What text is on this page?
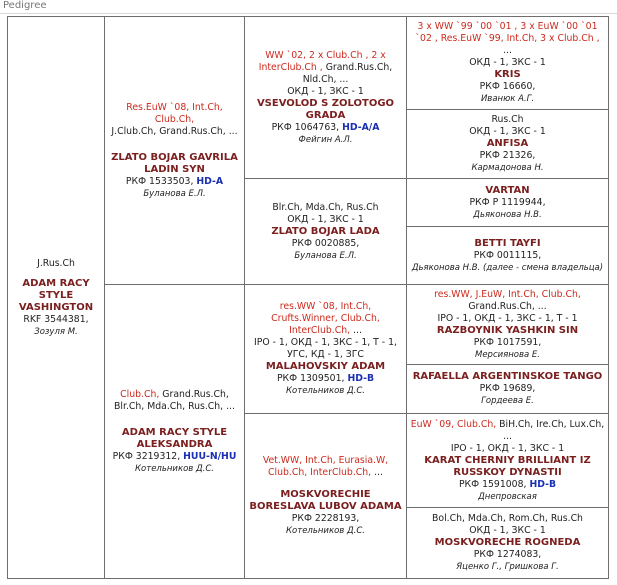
Pedigree
J.Rus.Ch
ADAM RACY STYLE VASHINGTON
RKF 3544381,
Зозуля М.
Res.EuW `08, Int.Ch, Club.Ch,
J.Club.Ch, Grand.Rus.Ch, ...
ZLATO BOJAR GAVRILA LADIN SYN
РКФ 1533503, HD-A
Буланова Е.Л.
Club.Ch, Grand.Rus.Ch, Blr.Ch, Mda.Ch, Rus.Ch, ...
ADAM RACY STYLE ALEKSANDRA
РКФ 3219312, HUU-N/HU
Котельников Д.С.
WW `02, 2 x Club.Ch , 2 x InterClub.Ch , Grand.Rus.Ch, Nld.Ch, ...
ОКД - 1, ЗКС - 1
VSEVOLOD S ZOLOTOGO GRADA
РКФ 1064763, HD-A/A
Фейгин А.Л.
Blr.Ch, Mda.Ch, Rus.Ch
ОКД - 1, ЗКС - 1
ZLATO BOJAR LADA
РКФ 0020885,
Буланова Е.Л.
res.WW `08, Int.Ch, Crufts.Winner, Club.Ch, InterClub.Ch, ...
IPO - 1, ОКД - 1, ЗКС - 1, Т - 1, УГС, КД - 1, ЗГС
MALAHOVSKIY ADAM
РКФ 1309501, HD-B
Котельников Д.С.
Vet.WW, Int.Ch, Eurasia.W, Club.Ch, InterClub.Ch, ...
MOSKVORECHIE BORESLAVA LUBOV ADAMA
РКФ 2228193,
Котельников Д.С.
3 x WW `99 `00 `01 , 3 x EuW `00 `01 `02 , Res.EuW `99, Int.Ch, 3 x Club.Ch , ...
ОКД - 1, ЗКС - 1
KRIS
РКФ 16660,
Иванюк А.Г.
Rus.Ch
ОКД - 1, ЗКС - 1
ANFISA
РКФ 21326,
Кармадонова Н.
VARTAN
РКФ Р 1119944,
Дьяконова Н.В.
BETTI TAYFI
РКФ 0011115,
Дьяконова Н.В. (далее - смена владельца)
res.WW, J.EuW, Int.Ch, Club.Ch, Grand.Rus.Ch, ...
IPO - 1, ОКД - 1, ЗКС - 1, Т - 1
RAZBOYNIK YASHKIN SIN
РКФ 1017591,
Мерсиянова Е.
RAFAELLA ARGENTINSKOE TANGO
РКФ 19689,
Гордеева Е.
EuW `09, Club.Ch, BiH.Ch, Ire.Ch, Lux.Ch, ...
IPO - 1, ОКД - 1, ЗКС - 1
KARAT CHERNIY BRILLIANT IZ RUSSKOY DYNASTII
РКФ 1591008, HD-B
Днепровская
Bol.Ch, Mda.Ch, Rom.Ch, Rus.Ch
ОКД - 1, ЗКС - 1
MOSKVORECHE ROGNEDA
РКФ 1274083,
Яценко Г., Гришкова Г.
